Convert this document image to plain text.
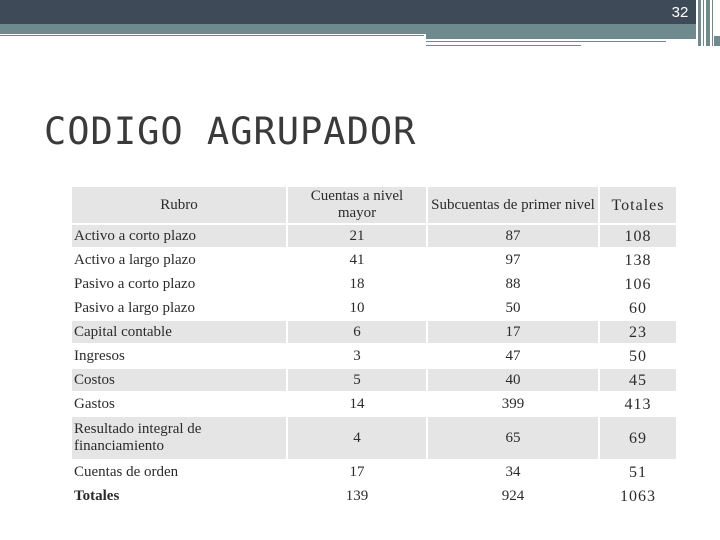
32
CODIGO AGRUPADOR
Rubro	Cuentas a nivel mayor	Subcuentas de primer nivel	Totales
Activo a corto plazo	21	87	108
Activo a largo plazo	41	97	138
Pasivo a corto plazo	18	88	106
Pasivo a largo plazo	10	50	60
Capital contable	6	17	23
Ingresos	3	47	50
Costos	5	40	45
Gastos	14	399	413
Resultado integral de financiamiento	4	65	69
Cuentas de orden	17	34	51
Totales	139	924	1063
